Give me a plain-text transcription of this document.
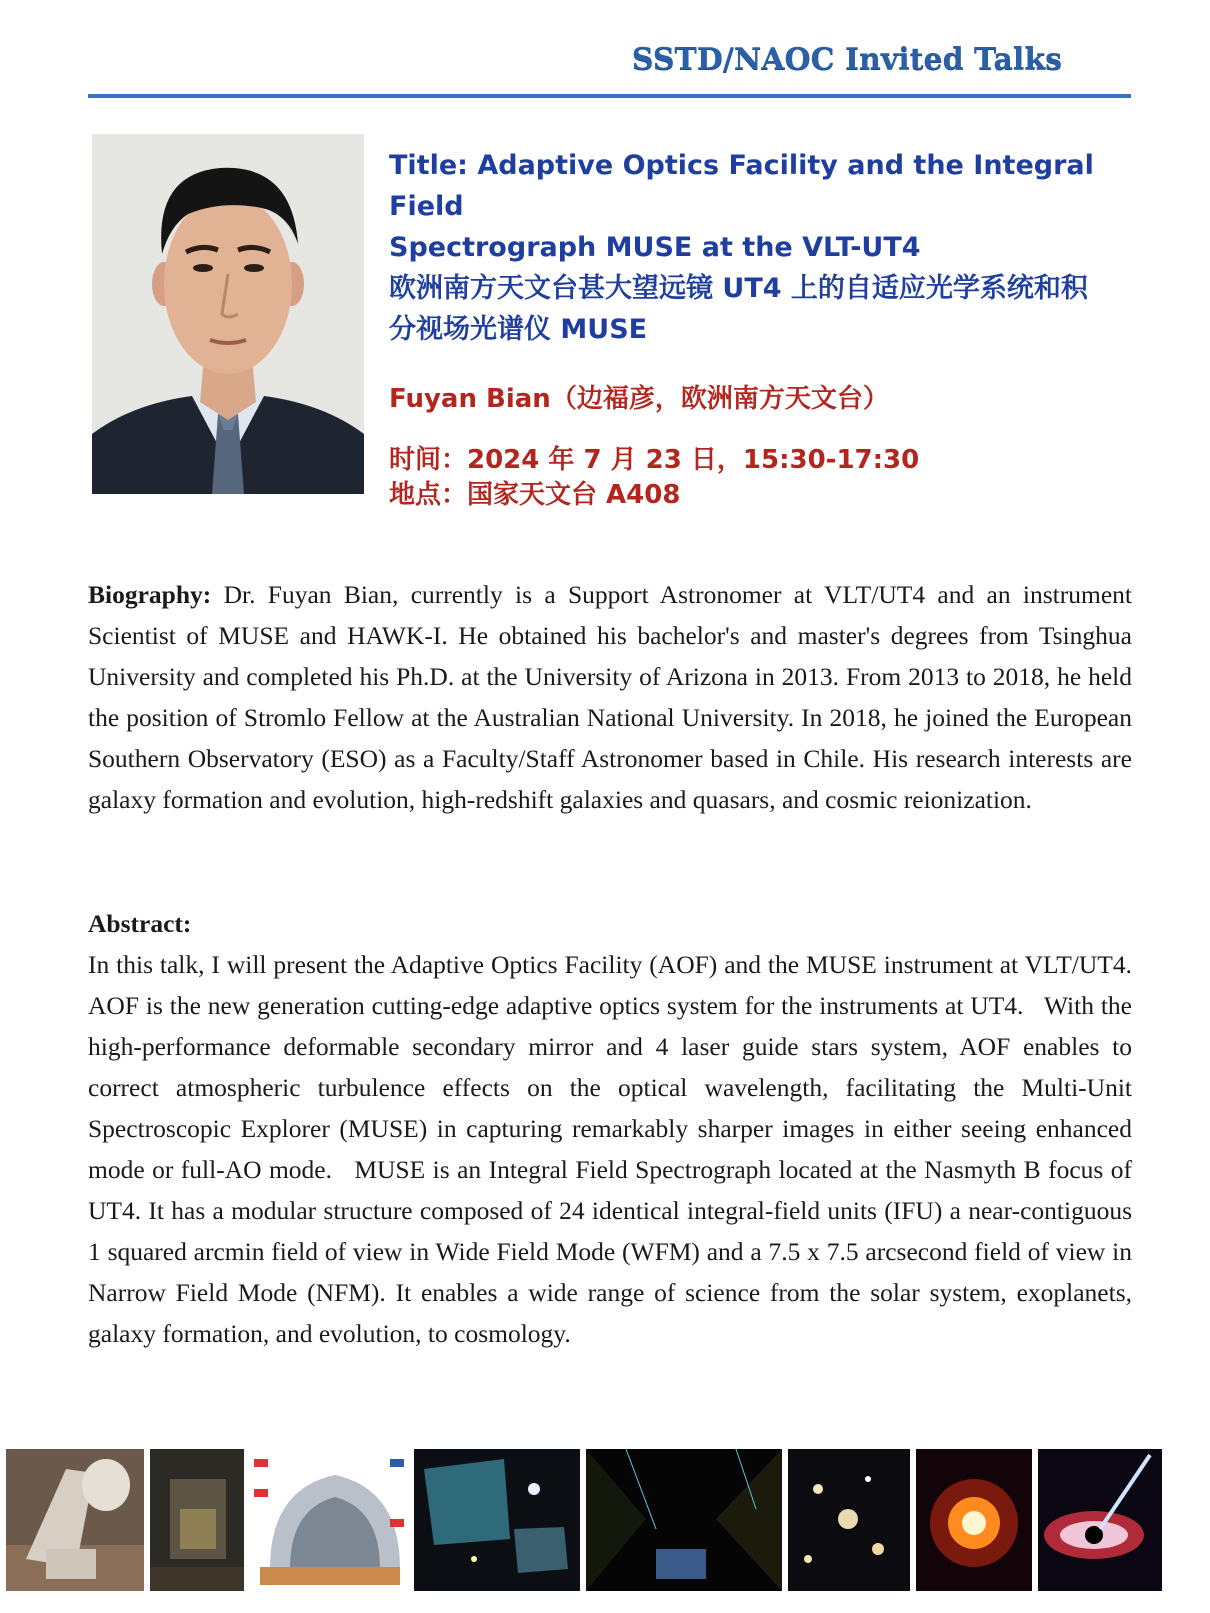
SSTD/NAOC Invited Talks
Title: Adaptive Optics Facility and the Integral Field
Spectrograph MUSE at the VLT-UT4
欧洲南方天文台甚大望远镜 UT4 上的自适应光学系统和积
分视场光谱仪 MUSE
Fuyan Bian（边福彦，欧洲南方天文台）
时间：2024 年 7 月 23 日，15:30-17:30
地点：国家天文台 A408
Biography: Dr. Fuyan Bian, currently is a Support Astronomer at VLT/UT4 and an instrument Scientist of MUSE and HAWK-I. He obtained his bachelor's and master's degrees from Tsinghua University and completed his Ph.D. at the University of Arizona in 2013. From 2013 to 2018, he held the position of Stromlo Fellow at the Australian National University. In 2018, he joined the European Southern Observatory (ESO) as a Faculty/Staff Astronomer based in Chile. His research interests are galaxy formation and evolution, high-redshift galaxies and quasars, and cosmic reionization.
Abstract:
In this talk, I will present the Adaptive Optics Facility (AOF) and the MUSE instrument at VLT/UT4. AOF is the new generation cutting-edge adaptive optics system for the instruments at UT4.   With the high-performance deformable secondary mirror and 4 laser guide stars system, AOF enables to correct atmospheric turbulence effects on the optical wavelength, facilitating the Multi-Unit Spectroscopic Explorer (MUSE) in capturing remarkably sharper images in either seeing enhanced mode or full-AO mode.   MUSE is an Integral Field Spectrograph located at the Nasmyth B focus of UT4. It has a modular structure composed of 24 identical integral-field units (IFU) a near-contiguous 1 squared arcmin field of view in Wide Field Mode (WFM) and a 7.5 x 7.5 arcsecond field of view in Narrow Field Mode (NFM). It enables a wide range of science from the solar system, exoplanets, galaxy formation, and evolution, to cosmology.
